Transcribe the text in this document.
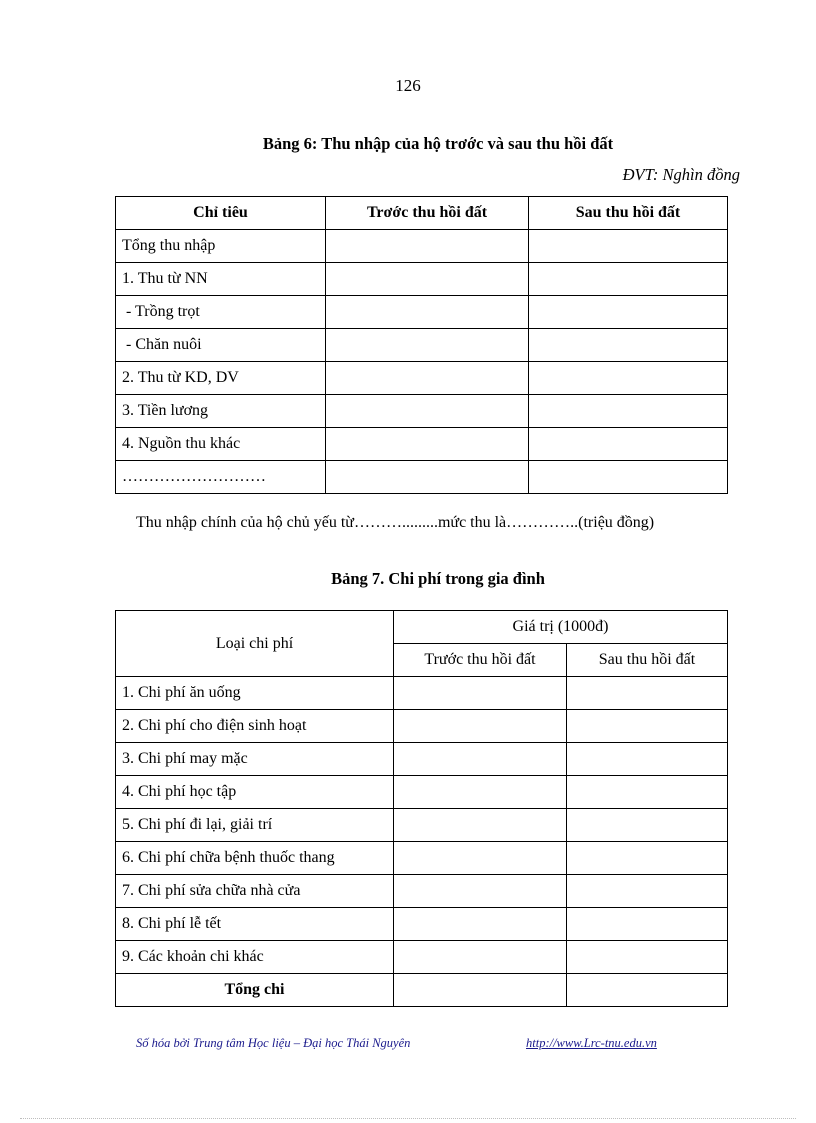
126
Bảng 6: Thu nhập của hộ trơớc và sau thu hồi đất
ĐVT: Nghìn đồng
Chỉ tiêu	Trơớc thu hồi đất	Sau thu hồi đất
Tổng thu nhập		
1. Thu từ NN		
- Trồng trọt		
- Chăn nuôi		
2. Thu từ KD, DV		
3. Tiền lương		
4. Nguồn thu khác		
………………………		
Thu nhập chính của hộ chủ yếu từ……….........mức thu là…………..(triệu đồng)
Bảng 7. Chi phí trong gia đình
Loại chi phí	Giá trị (1000đ)	
	Trước thu hồi đất	Sau thu hồi đất
1. Chi phí ăn uống		
2. Chi phí cho điện sinh hoạt		
3. Chi phí may mặc		
4. Chi phí học tập		
5. Chi phí đi lại, giải trí		
6. Chi phí chữa bệnh thuốc thang		
7. Chi phí sửa chữa nhà cửa		
8. Chi phí lễ tết		
9. Các khoản chi khác		
Tổng chi		
Số hóa bởi Trung tâm Học liệu – Đại học Thái Nguyên	http://www.Lrc-tnu.edu.vn
